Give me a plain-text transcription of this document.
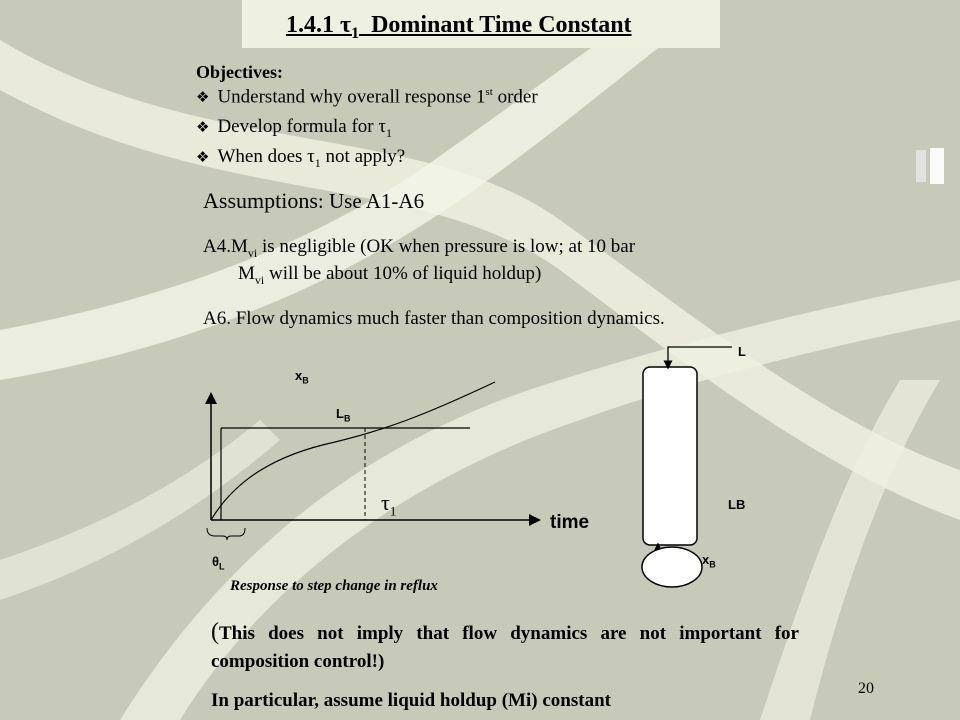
1.4.1 $\tau_1$ Dominant Time Constant
Objectives:
❖ Understand why overall response 1st order
❖ Develop formula for $\tau_1$
❖ When does $\tau_1$ not apply?
Assumptions: Use A1-A6
$A4.M_{vi}$ is negligible (OK when pressure is low; at 10 bar
$M_{vi}$ will be about 10% of liquid holdup)
A6. Flow dynamics much faster than composition dynamics.
$x_B$
$L_B$
$\tau_1$
time
$\theta_L$
Response to step change in reflux
L
LB
$x_B$
(This does not imply that flow dynamics are not important for composition control!)
In particular, assume liquid holdup (Mi) constant
20
